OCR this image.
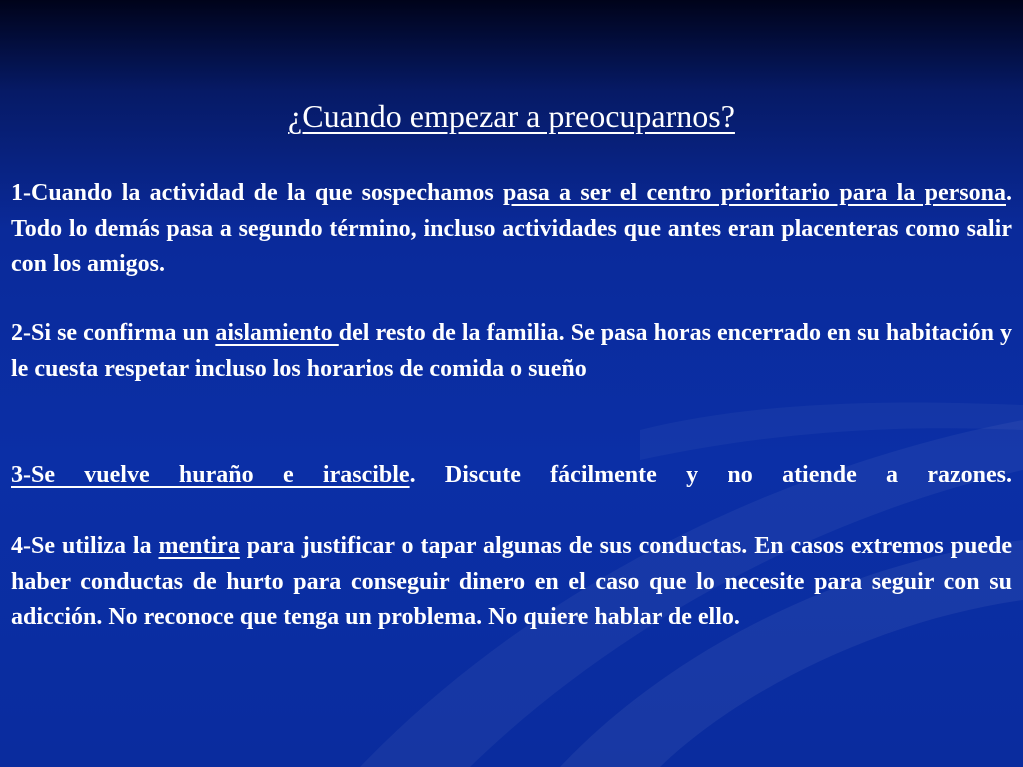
¿Cuando empezar a preocuparnos?

1-Cuando la actividad de la que sospechamos pasa a ser el centro prioritario para la persona. Todo lo demás pasa a segundo término, incluso actividades que antes eran placenteras como salir con los amigos.

2-Si se confirma un aislamiento del resto de la familia. Se pasa horas encerrado en su habitación y le cuesta respetar incluso los horarios de comida o sueño

3-Se vuelve huraño e irascible. Discute fácilmente y no atiende a razones.

4-Se utiliza la mentira para justificar o tapar algunas de sus conductas. En casos extremos puede haber conductas de hurto para conseguir dinero en el caso que lo necesite para seguir con su adicción. No reconoce que tenga un problema. No quiere hablar de ello.
